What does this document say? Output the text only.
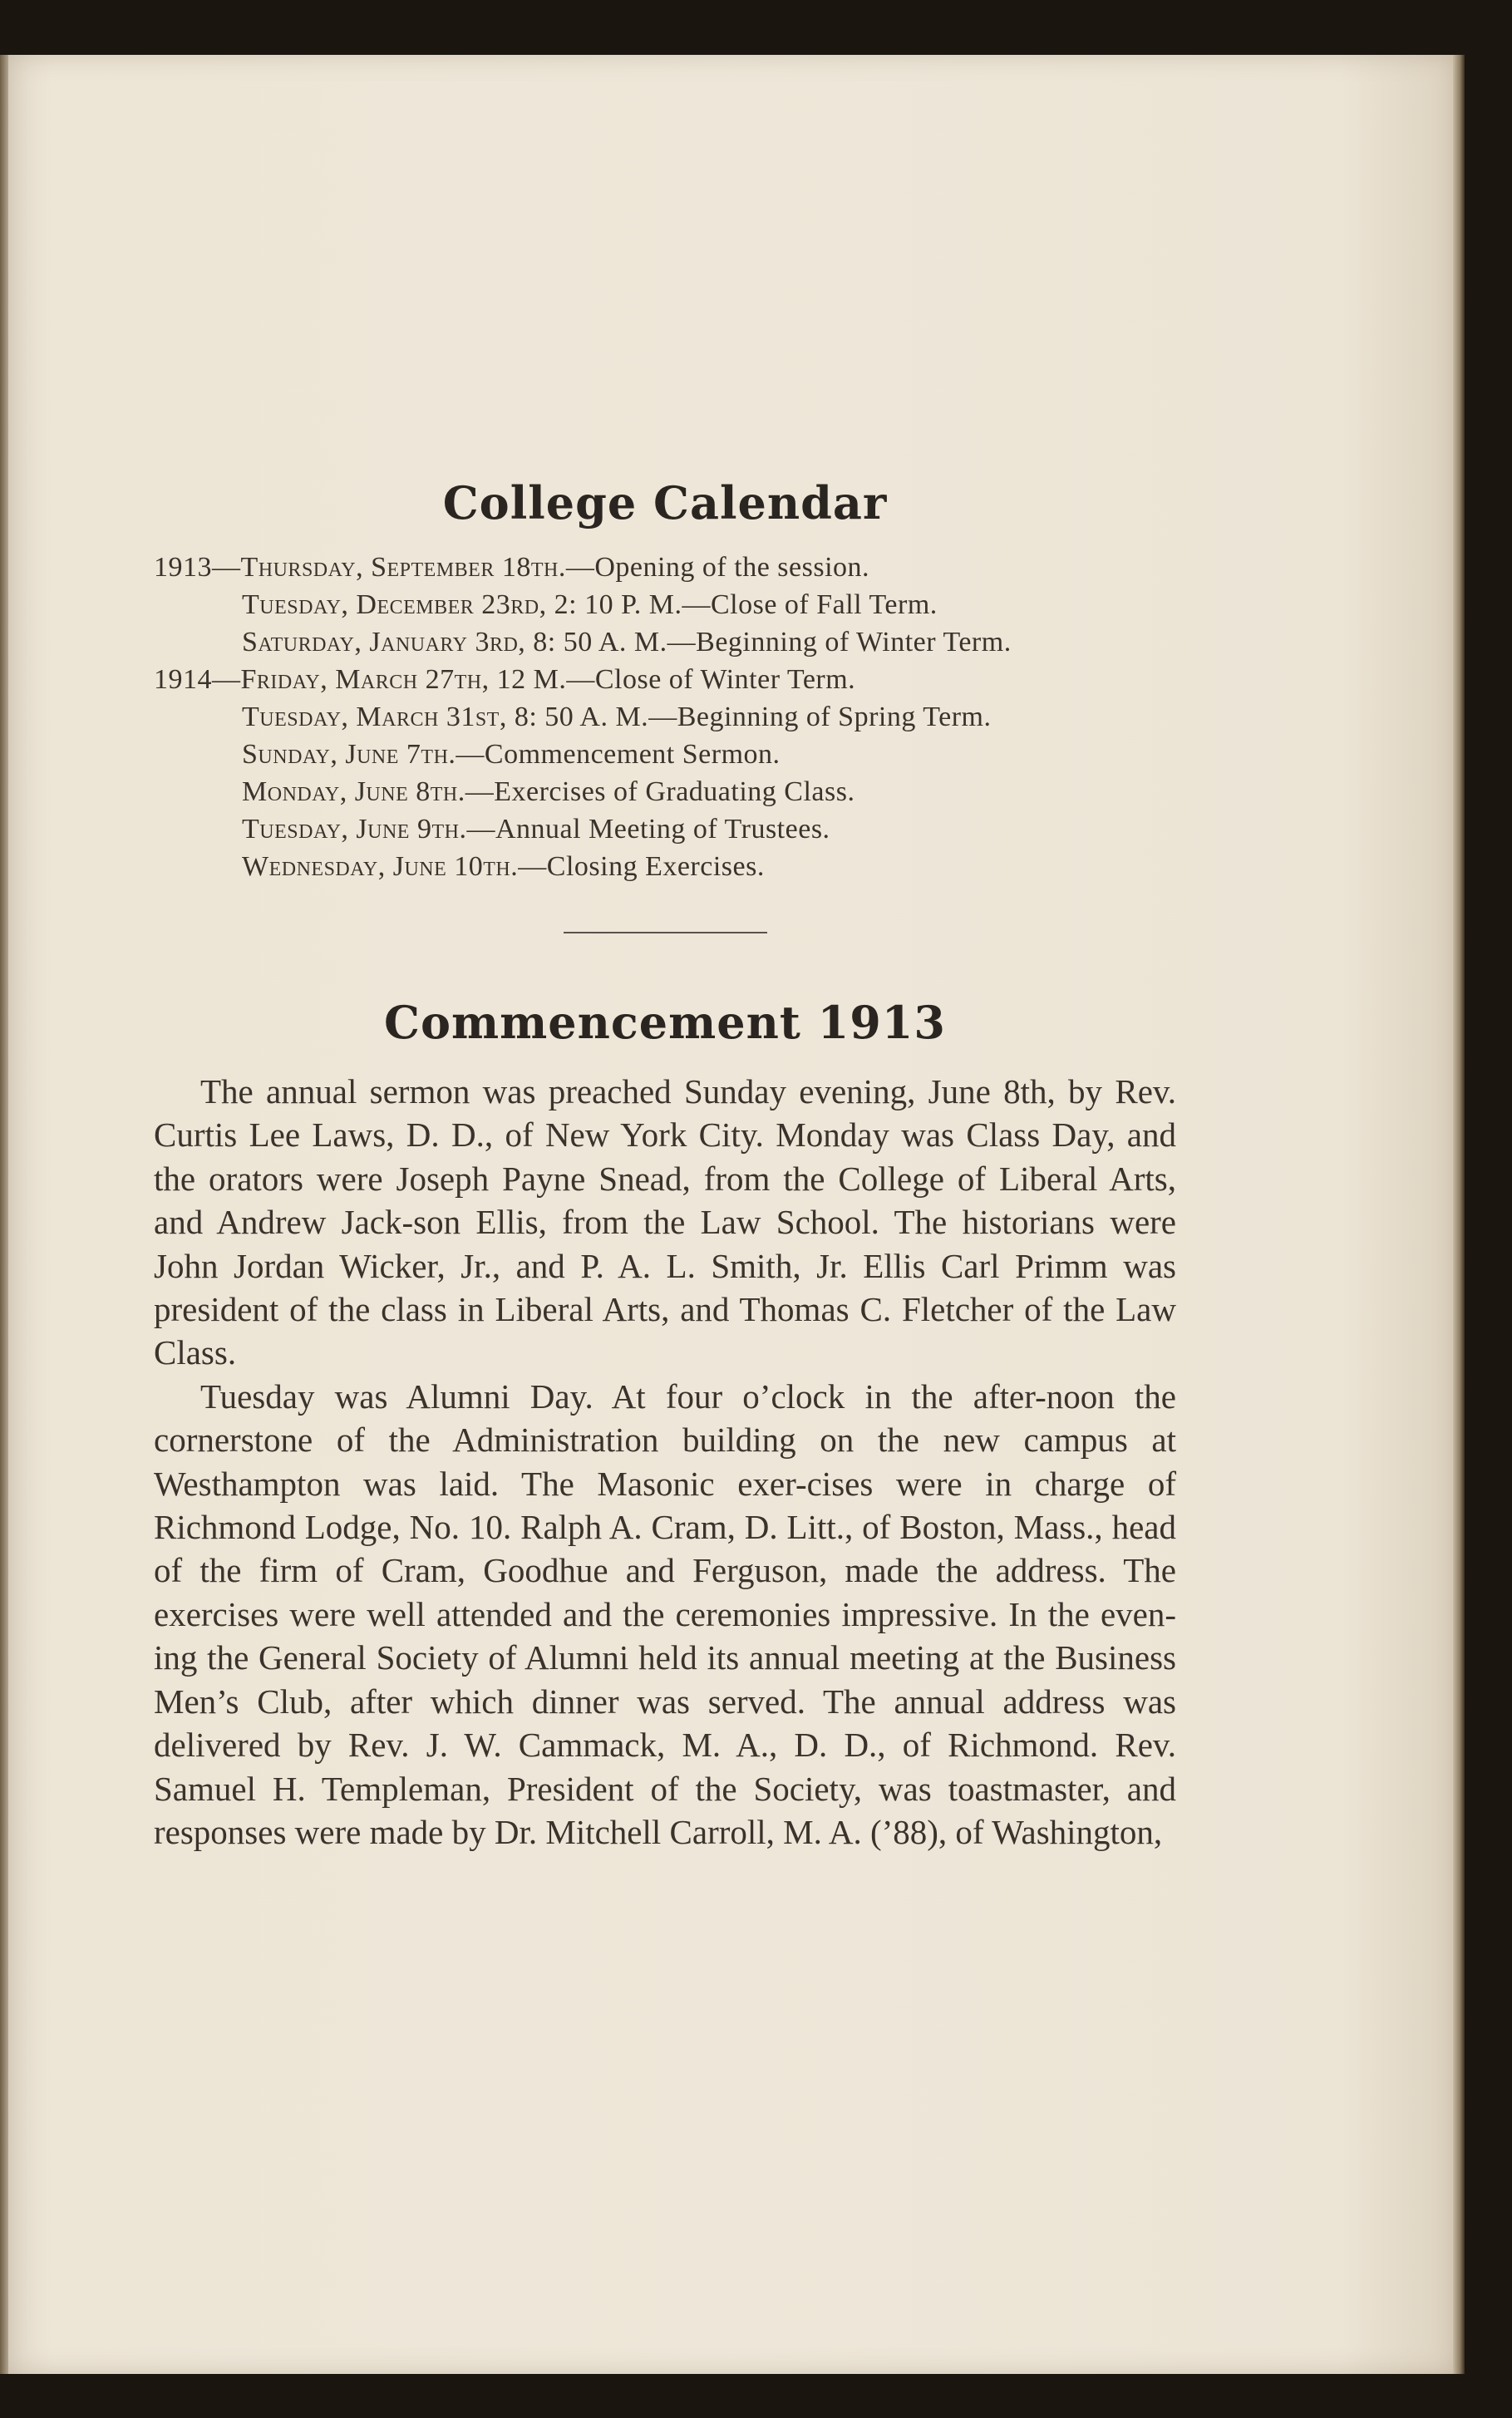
College Calendar
1913—Thursday, September 18th.—Opening of the session.
Tuesday, December 23rd, 2: 10 P. M.—Close of Fall Term.
Saturday, January 3rd, 8: 50 A. M.—Beginning of Winter Term.
1914—Friday, March 27th, 12 M.—Close of Winter Term.
Tuesday, March 31st, 8: 50 A. M.—Beginning of Spring Term.
Sunday, June 7th.—Commencement Sermon.
Monday, June 8th.—Exercises of Graduating Class.
Tuesday, June 9th.—Annual Meeting of Trustees.
Wednesday, June 10th.—Closing Exercises.
Commencement 1913

The annual sermon was preached Sunday evening, June 8th, by Rev. Curtis Lee Laws, D. D., of New York City. Monday was Class Day, and the orators were Joseph Payne Snead, from the College of Liberal Arts, and Andrew Jack-son Ellis, from the Law School. The historians were John Jordan Wicker, Jr., and P. A. L. Smith, Jr. Ellis Carl Primm was president of the class in Liberal Arts, and Thomas C. Fletcher of the Law Class.

Tuesday was Alumni Day. At four o’clock in the after-noon the cornerstone of the Administration building on the new campus at Westhampton was laid. The Masonic exer-cises were in charge of Richmond Lodge, No. 10. Ralph A. Cram, D. Litt., of Boston, Mass., head of the firm of Cram, Goodhue and Ferguson, made the address. The exercises were well attended and the ceremonies impressive. In the even-ing the General Society of Alumni held its annual meeting at the Business Men’s Club, after which dinner was served. The annual address was delivered by Rev. J. W. Cammack, M. A., D. D., of Richmond. Rev. Samuel H. Templeman, President of the Society, was toastmaster, and responses were made by Dr. Mitchell Carroll, M. A. (’88), of Washington,
